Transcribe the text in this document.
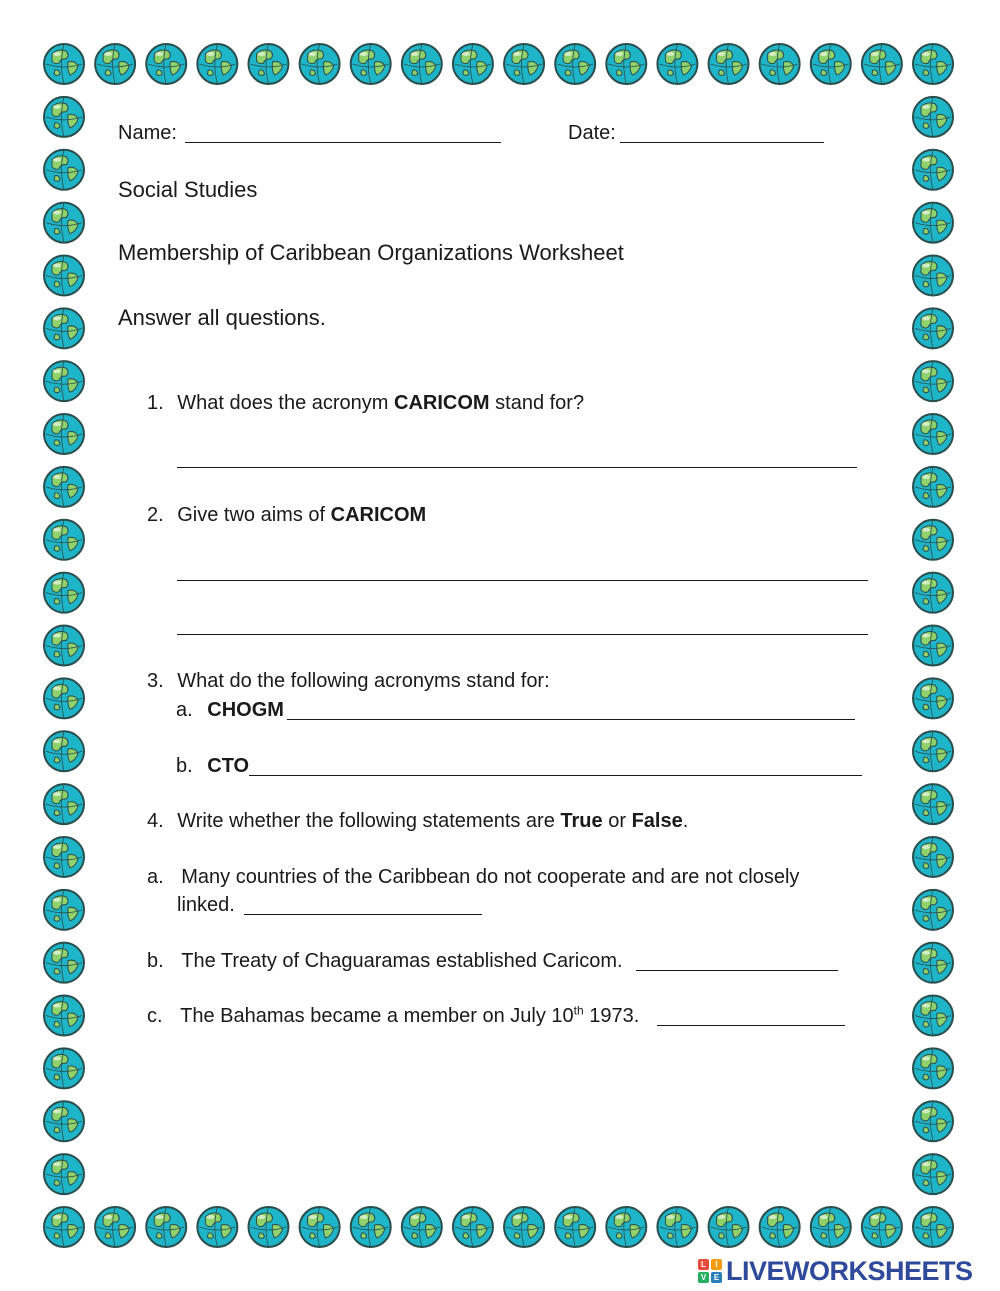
Name:	Date:
Social Studies
Membership of Caribbean Organizations Worksheet
Answer all questions.
1. What does the acronym CARICOM stand for?
2. Give two aims of CARICOM
3. What do the following acronyms stand for:
a. CHOGM
b. CTO
4. Write whether the following statements are True or False.
a. Many countries of the Caribbean do not cooperate and are not closely
linked.
b. The Treaty of Chaguaramas established Caricom.
c. The Bahamas became a member on July 10th 1973.
L	I
V E LIVEWORKSHEETS
